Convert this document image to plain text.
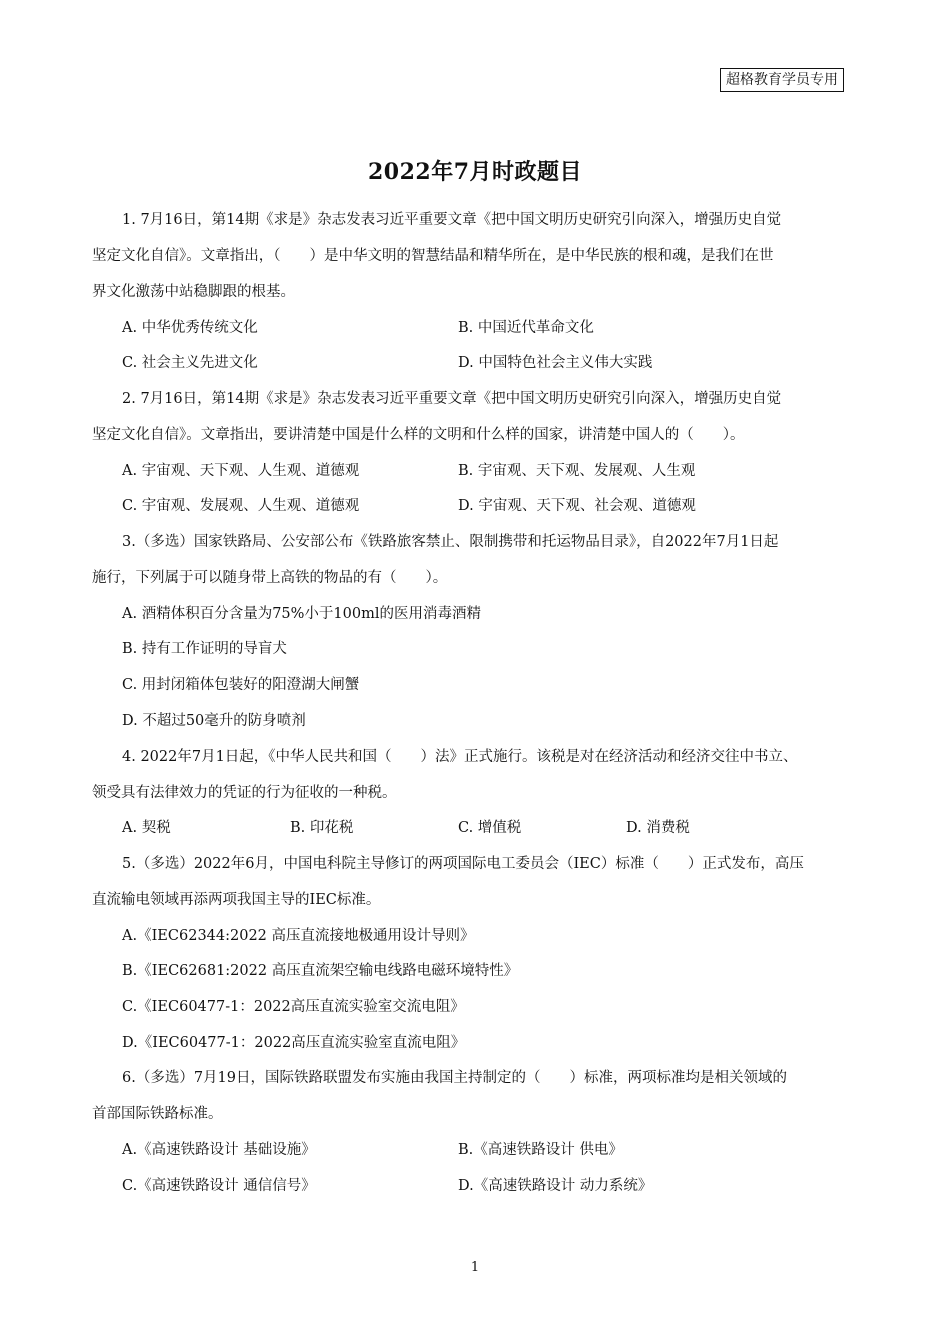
超格教育学员专用
2022年7月时政题目
1. 7月16日，第14期《求是》杂志发表习近平重要文章《把中国文明历史研究引向深入，增强历史自觉
坚定文化自信》。文章指出，（　　）是中华文明的智慧结晶和精华所在，是中华民族的根和魂，是我们在世
界文化激荡中站稳脚跟的根基。
A. 中华优秀传统文化	B. 中国近代革命文化
C. 社会主义先进文化	D. 中国特色社会主义伟大实践
2. 7月16日，第14期《求是》杂志发表习近平重要文章《把中国文明历史研究引向深入，增强历史自觉
坚定文化自信》。文章指出，要讲清楚中国是什么样的文明和什么样的国家，讲清楚中国人的（　　）。
A. 宇宙观、天下观、人生观、道德观	B. 宇宙观、天下观、发展观、人生观
C. 宇宙观、发展观、人生观、道德观	D. 宇宙观、天下观、社会观、道德观
3.（多选）国家铁路局、公安部公布《铁路旅客禁止、限制携带和托运物品目录》，自2022年7月1日起
施行，下列属于可以随身带上高铁的物品的有（　　）。
A. 酒精体积百分含量为75%小于100ml的医用消毒酒精
B. 持有工作证明的导盲犬
C. 用封闭箱体包装好的阳澄湖大闸蟹
D. 不超过50毫升的防身喷剂
4. 2022年7月1日起，《中华人民共和国（　　）法》正式施行。该税是对在经济活动和经济交往中书立、
领受具有法律效力的凭证的行为征收的一种税。
A. 契税	B. 印花税	C. 增值税	D. 消费税
5.（多选）2022年6月，中国电科院主导修订的两项国际电工委员会（IEC）标准（　　）正式发布，高压
直流输电领域再添两项我国主导的IEC标准。
A.《IEC62344:2022 高压直流接地极通用设计导则》
B.《IEC62681:2022 高压直流架空输电线路电磁环境特性》
C.《IEC60477-1：2022高压直流实验室交流电阻》
D.《IEC60477-1：2022高压直流实验室直流电阻》
6.（多选）7月19日，国际铁路联盟发布实施由我国主持制定的（　　）标准，两项标准均是相关领域的
首部国际铁路标准。
A.《高速铁路设计 基础设施》	B.《高速铁路设计 供电》
C.《高速铁路设计 通信信号》	D.《高速铁路设计 动力系统》
1
